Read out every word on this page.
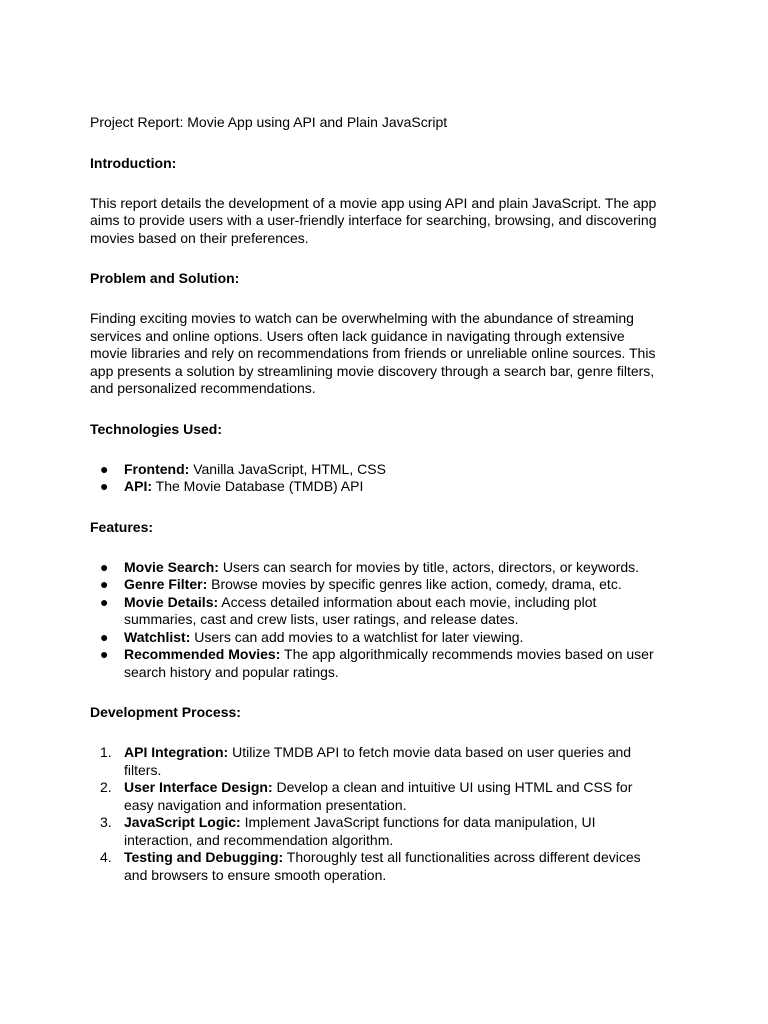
Project Report: Movie App using API and Plain JavaScript

Introduction:

This report details the development of a movie app using API and plain JavaScript. The app

aims to provide users with a user-friendly interface for searching, browsing, and discovering

movies based on their preferences.

Problem and Solution:

Finding exciting movies to watch can be overwhelming with the abundance of streaming

services and online options. Users often lack guidance in navigating through extensive

movie libraries and rely on recommendations from friends or unreliable online sources. This

app presents a solution by streamlining movie discovery through a search bar, genre filters,

and personalized recommendations.

Technologies Used:

●	Frontend: Vanilla JavaScript, HTML, CSS
●	API: The Movie Database (TMDB) API

Features:

●	Movie Search: Users can search for movies by title, actors, directors, or keywords.
●	Genre Filter: Browse movies by specific genres like action, comedy, drama, etc.
●	Movie Details: Access detailed information about each movie, including plot
summaries, cast and crew lists, user ratings, and release dates.
●	Watchlist: Users can add movies to a watchlist for later viewing.
●	Recommended Movies: The app algorithmically recommends movies based on user
search history and popular ratings.

Development Process:

1. API Integration: Utilize TMDB API to fetch movie data based on user queries and
filters.
2. User Interface Design: Develop a clean and intuitive UI using HTML and CSS for
easy navigation and information presentation.
3. JavaScript Logic: Implement JavaScript functions for data manipulation, UI
interaction, and recommendation algorithm.
4. Testing and Debugging: Thoroughly test all functionalities across different devices
and browsers to ensure smooth operation.
